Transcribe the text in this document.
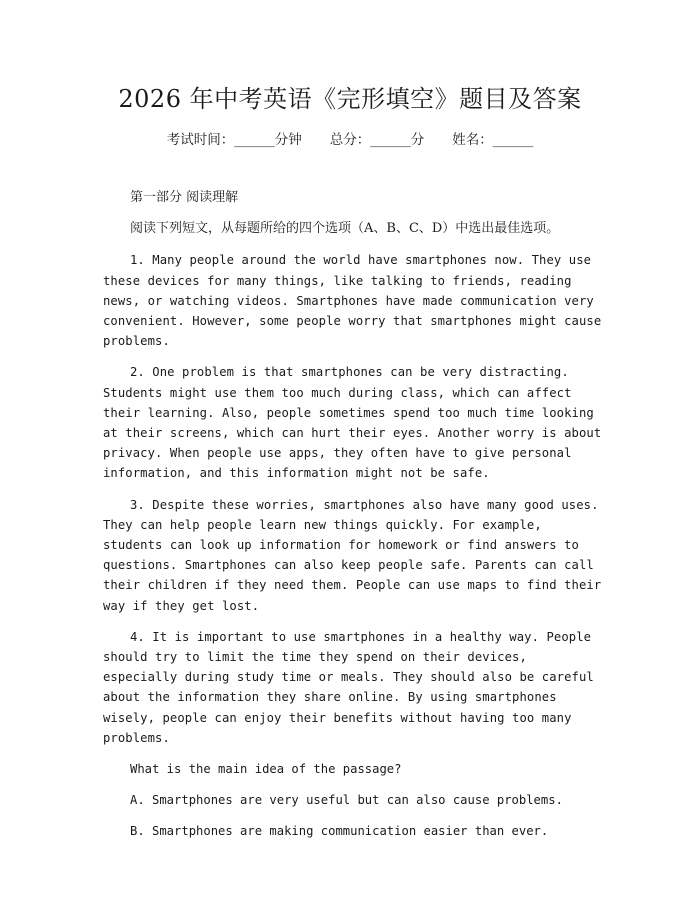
2026 年中考英语《完形填空》题目及答案
考试时间：______分钟 总分：______分 姓名：______

第一部分 阅读理解

阅读下列短文，从每题所给的四个选项（A、B、C、D）中选出最佳选项。

1. Many people around the world have smartphones now. They use these devices for many things, like talking to friends, reading news, or watching videos. Smartphones have made communication very convenient. However, some people worry that smartphones might cause problems.

2. One problem is that smartphones can be very distracting. Students might use them too much during class, which can affect their learning. Also, people sometimes spend too much time looking at their screens, which can hurt their eyes. Another worry is about privacy. When people use apps, they often have to give personal information, and this information might not be safe.

3. Despite these worries, smartphones also have many good uses. They can help people learn new things quickly. For example, students can look up information for homework or find answers to questions. Smartphones can also keep people safe. Parents can call their children if they need them. People can use maps to find their way if they get lost.

4. It is important to use smartphones in a healthy way. People should try to limit the time they spend on their devices, especially during study time or meals. They should also be careful about the information they share online. By using smartphones wisely, people can enjoy their benefits without having too many problems.

What is the main idea of the passage?

A. Smartphones are very useful but can also cause problems.

B. Smartphones are making communication easier than ever.
